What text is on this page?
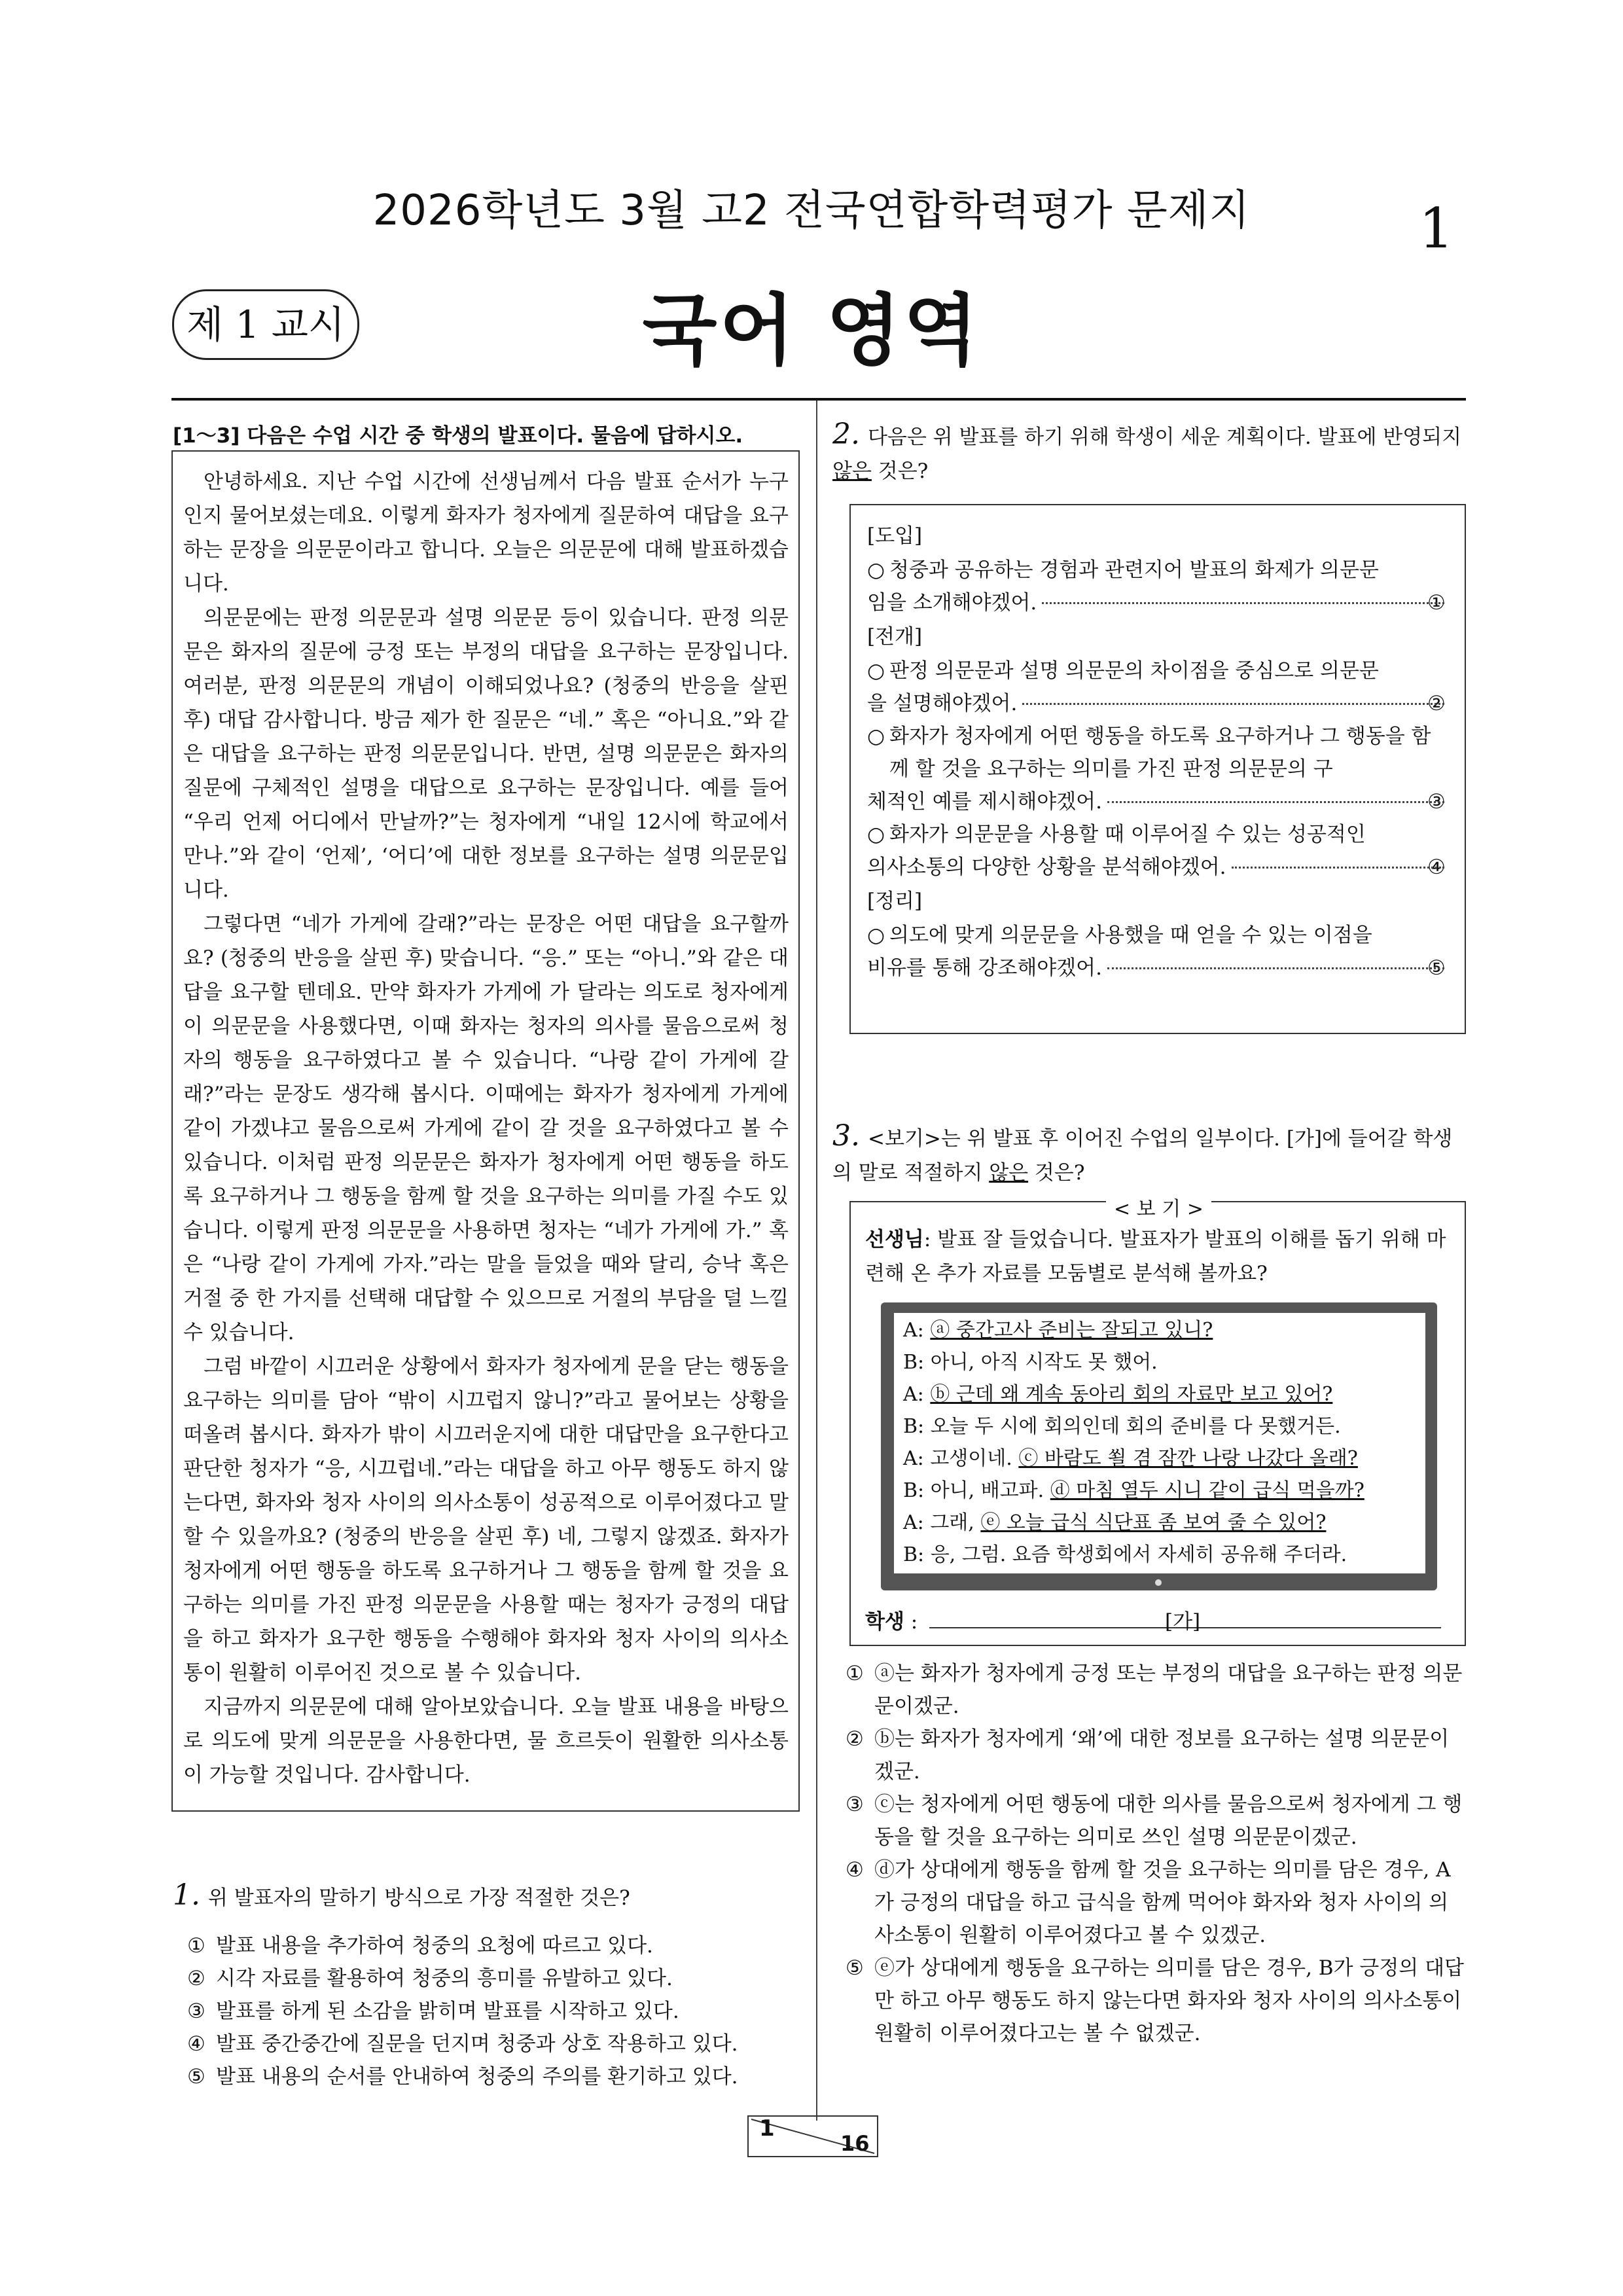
2026학년도 3월 고2 전국연합학력평가 문제지	1
제 1 교시	국어 영역
[1～3] 다음은 수업 시간 중 학생의 발표이다. 물음에 답하시오.

안녕하세요. 지난 수업 시간에 선생님께서 다음 발표 순서가 누구인지 물어보셨는데요. 이렇게 화자가 청자에게 질문하여 대답을 요구하는 문장을 의문문이라고 합니다. 오늘은 의문문에 대해 발표하겠습니다.

의문문에는 판정 의문문과 설명 의문문 등이 있습니다. 판정 의문문은 화자의 질문에 긍정 또는 부정의 대답을 요구하는 문장입니다. 여러분, 판정 의문문의 개념이 이해되었나요? (청중의 반응을 살핀 후) 대답 감사합니다. 방금 제가 한 질문은 “네.” 혹은 “아니요.”와 같은 대답을 요구하는 판정 의문문입니다. 반면, 설명 의문문은 화자의 질문에 구체적인 설명을 대답으로 요구하는 문장입니다. 예를 들어 “우리 언제 어디에서 만날까?”는 청자에게 “내일 12시에 학교에서 만나.”와 같이 ‘언제’, ‘어디’에 대한 정보를 요구하는 설명 의문문입니다.

그렇다면 “네가 가게에 갈래?”라는 문장은 어떤 대답을 요구할까요? (청중의 반응을 살핀 후) 맞습니다. “응.” 또는 “아니.”와 같은 대답을 요구할 텐데요. 만약 화자가 가게에 가 달라는 의도로 청자에게 이 의문문을 사용했다면, 이때 화자는 청자의 의사를 물음으로써 청자의 행동을 요구하였다고 볼 수 있습니다. “나랑 같이 가게에 갈래?”라는 문장도 생각해 봅시다. 이때에는 화자가 청자에게 가게에 같이 가겠냐고 물음으로써 가게에 같이 갈 것을 요구하였다고 볼 수 있습니다. 이처럼 판정 의문문은 화자가 청자에게 어떤 행동을 하도록 요구하거나 그 행동을 함께 할 것을 요구하는 의미를 가질 수도 있습니다. 이렇게 판정 의문문을 사용하면 청자는 “네가 가게에 가.” 혹은 “나랑 같이 가게에 가자.”라는 말을 들었을 때와 달리, 승낙 혹은 거절 중 한 가지를 선택해 대답할 수 있으므로 거절의 부담을 덜 느낄 수 있습니다.

그럼 바깥이 시끄러운 상황에서 화자가 청자에게 문을 닫는 행동을 요구하는 의미를 담아 “밖이 시끄럽지 않니?”라고 물어보는 상황을 떠올려 봅시다. 화자가 밖이 시끄러운지에 대한 대답만을 요구한다고 판단한 청자가 “응, 시끄럽네.”라는 대답을 하고 아무 행동도 하지 않는다면, 화자와 청자 사이의 의사소통이 성공적으로 이루어졌다고 말할 수 있을까요? (청중의 반응을 살핀 후) 네, 그렇지 않겠죠. 화자가 청자에게 어떤 행동을 하도록 요구하거나 그 행동을 함께 할 것을 요구하는 의미를 가진 판정 의문문을 사용할 때는 청자가 긍정의 대답을 하고 화자가 요구한 행동을 수행해야 화자와 청자 사이의 의사소통이 원활히 이루어진 것으로 볼 수 있습니다.

지금까지 의문문에 대해 알아보았습니다. 오늘 발표 내용을 바탕으로 의도에 맞게 의문문을 사용한다면, 물 흐르듯이 원활한 의사소통이 가능할 것입니다. 감사합니다.

1. 위 발표자의 말하기 방식으로 가장 적절한 것은?

① 발표 내용을 추가하여 청중의 요청에 따르고 있다.

② 시각 자료를 활용하여 청중의 흥미를 유발하고 있다.

③ 발표를 하게 된 소감을 밝히며 발표를 시작하고 있다.

④ 발표 중간중간에 질문을 던지며 청중과 상호 작용하고 있다.

⑤ 발표 내용의 순서를 안내하여 청중의 주의를 환기하고 있다.

2. 다음은 위 발표를 하기 위해 학생이 세운 계획이다. 발표에 반영되지 않은 것은?

[도입]

○ 청중과 공유하는 경험과 관련지어 발표의 화제가 의문문
임을 소개해야겠어.	①

[전개]

○ 판정 의문문과 설명 의문문의 차이점을 중심으로 의문문
을 설명해야겠어.	②
○ 화자가 청자에게 어떤 행동을 하도록 요구하거나 그 행동을 함께 할 것을 요구하는 의미를 가진 판정 의문문의 구
체적인 예를 제시해야겠어.	③
○ 화자가 의문문을 사용할 때 이루어질 수 있는 성공적인
의사소통의 다양한 상황을 분석해야겠어.	④

[정리]

○ 의도에 맞게 의문문을 사용했을 때 얻을 수 있는 이점을
비유를 통해 강조해야겠어.	⑤
3. <보기>는 위 발표 후 이어진 수업의 일부이다. [가]에 들어갈 학생의 말로 적절하지 않은 것은?
< 보 기 >
선생님: 발표 잘 들었습니다. 발표자가 발표의 이해를 돕기 위해 마련해 온 추가 자료를 모둠별로 분석해 볼까요?

A: ⓐ 중간고사 준비는 잘되고 있니?

B: 아니, 아직 시작도 못 했어.

A: ⓑ 근데 왜 계속 동아리 회의 자료만 보고 있어?

B: 오늘 두 시에 회의인데 회의 준비를 다 못했거든.

A: 고생이네. ⓒ 바람도 쐴 겸 잠깐 나랑 나갔다 올래?

B: 아니, 배고파. ⓓ 마침 열두 시니 같이 급식 먹을까?

A: 그래, ⓔ 오늘 급식 식단표 좀 보여 줄 수 있어?

B: 응, 그럼. 요즘 학생회에서 자세히 공유해 주더라.

학생 :	[가]

① ⓐ는 화자가 청자에게 긍정 또는 부정의 대답을 요구하는 판정 의문문이겠군.

② ⓑ는 화자가 청자에게 ‘왜’에 대한 정보를 요구하는 설명 의문문이겠군.

③ ⓒ는 청자에게 어떤 행동에 대한 의사를 물음으로써 청자에게 그 행동을 할 것을 요구하는 의미로 쓰인 설명 의문문이겠군.

④ ⓓ가 상대에게 행동을 함께 할 것을 요구하는 의미를 담은 경우, A가 긍정의 대답을 하고 급식을 함께 먹어야 화자와 청자 사이의 의사소통이 원활히 이루어졌다고 볼 수 있겠군.

⑤ ⓔ가 상대에게 행동을 요구하는 의미를 담은 경우, B가 긍정의 대답만 하고 아무 행동도 하지 않는다면 화자와 청자 사이의 의사소통이 원활히 이루어졌다고는 볼 수 없겠군.

1
16
